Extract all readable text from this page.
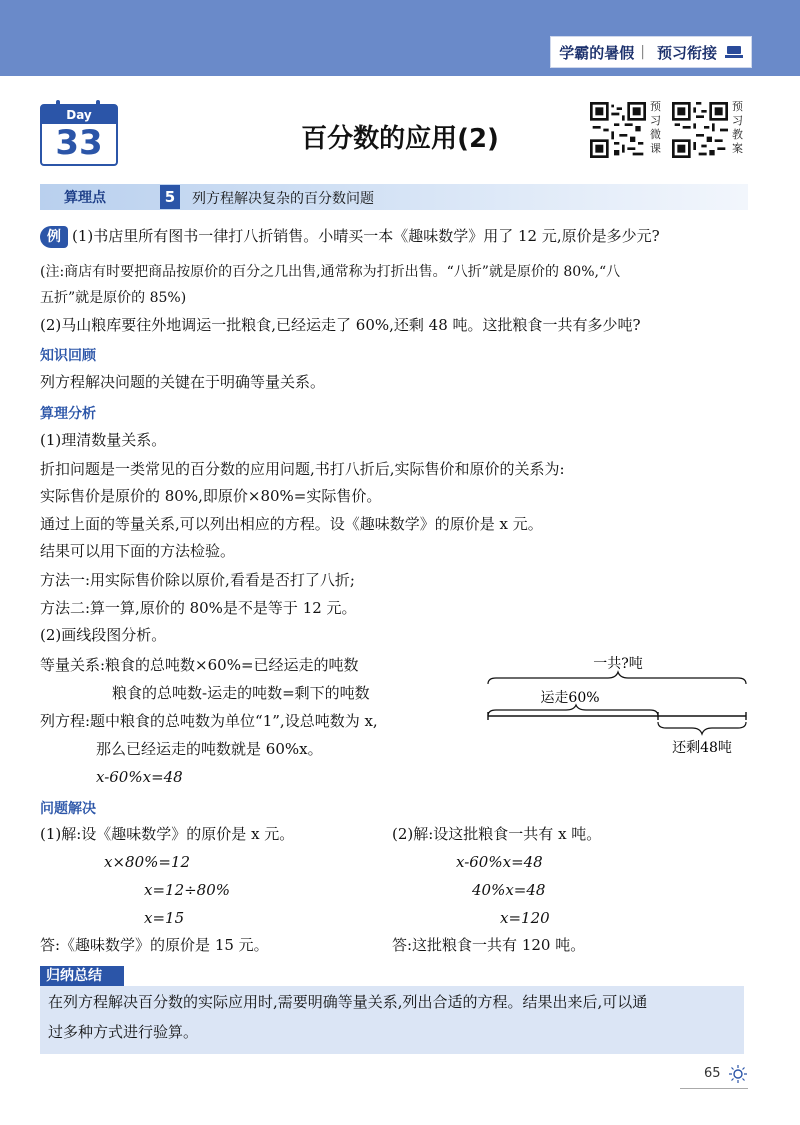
学霸的暑假 | 预习衔接
Day
33	百分数的应用(2)
预习微课
预习教案
算理点	5	列方程解决复杂的百分数问题
例 (1)书店里所有图书一律打八折销售。小晴买一本《趣味数学》用了 12 元,原价是多少元?
(注:商店有时要把商品按原价的百分之几出售,通常称为打折出售。“八折”就是原价的 80%,“八
五折”就是原价的 85%)
(2)马山粮库要往外地调运一批粮食,已经运走了 60%,还剩 48 吨。这批粮食一共有多少吨?
知识回顾
列方程解决问题的关键在于明确等量关系。
算理分析
(1)理清数量关系。
折扣问题是一类常见的百分数的应用问题,书打八折后,实际售价和原价的关系为:
实际售价是原价的 80%,即原价×80%=实际售价。
通过上面的等量关系,可以列出相应的方程。设《趣味数学》的原价是 x 元。
结果可以用下面的方法检验。
方法一:用实际售价除以原价,看看是否打了八折;
方法二:算一算,原价的 80%是不是等于 12 元。
(2)画线段图分析。
等量关系:粮食的总吨数×60%=已经运走的吨数
粮食的总吨数-运走的吨数=剩下的吨数
列方程:题中粮食的总吨数为单位“1”,设总吨数为 x,
那么已经运走的吨数就是 60%x。
x-60%x=48
一共?吨
运走60%
还剩48吨
问题解决
(1)解:设《趣味数学》的原价是 x 元。
x×80%=12
x=12÷80%
x=15
答:《趣味数学》的原价是 15 元。
(2)解:设这批粮食一共有 x 吨。
x-60%x=48
40%x=48
x=120
答:这批粮食一共有 120 吨。
归纳总结
在列方程解决百分数的实际应用时,需要明确等量关系,列出合适的方程。结果出来后,可以通
过多种方式进行验算。
65
